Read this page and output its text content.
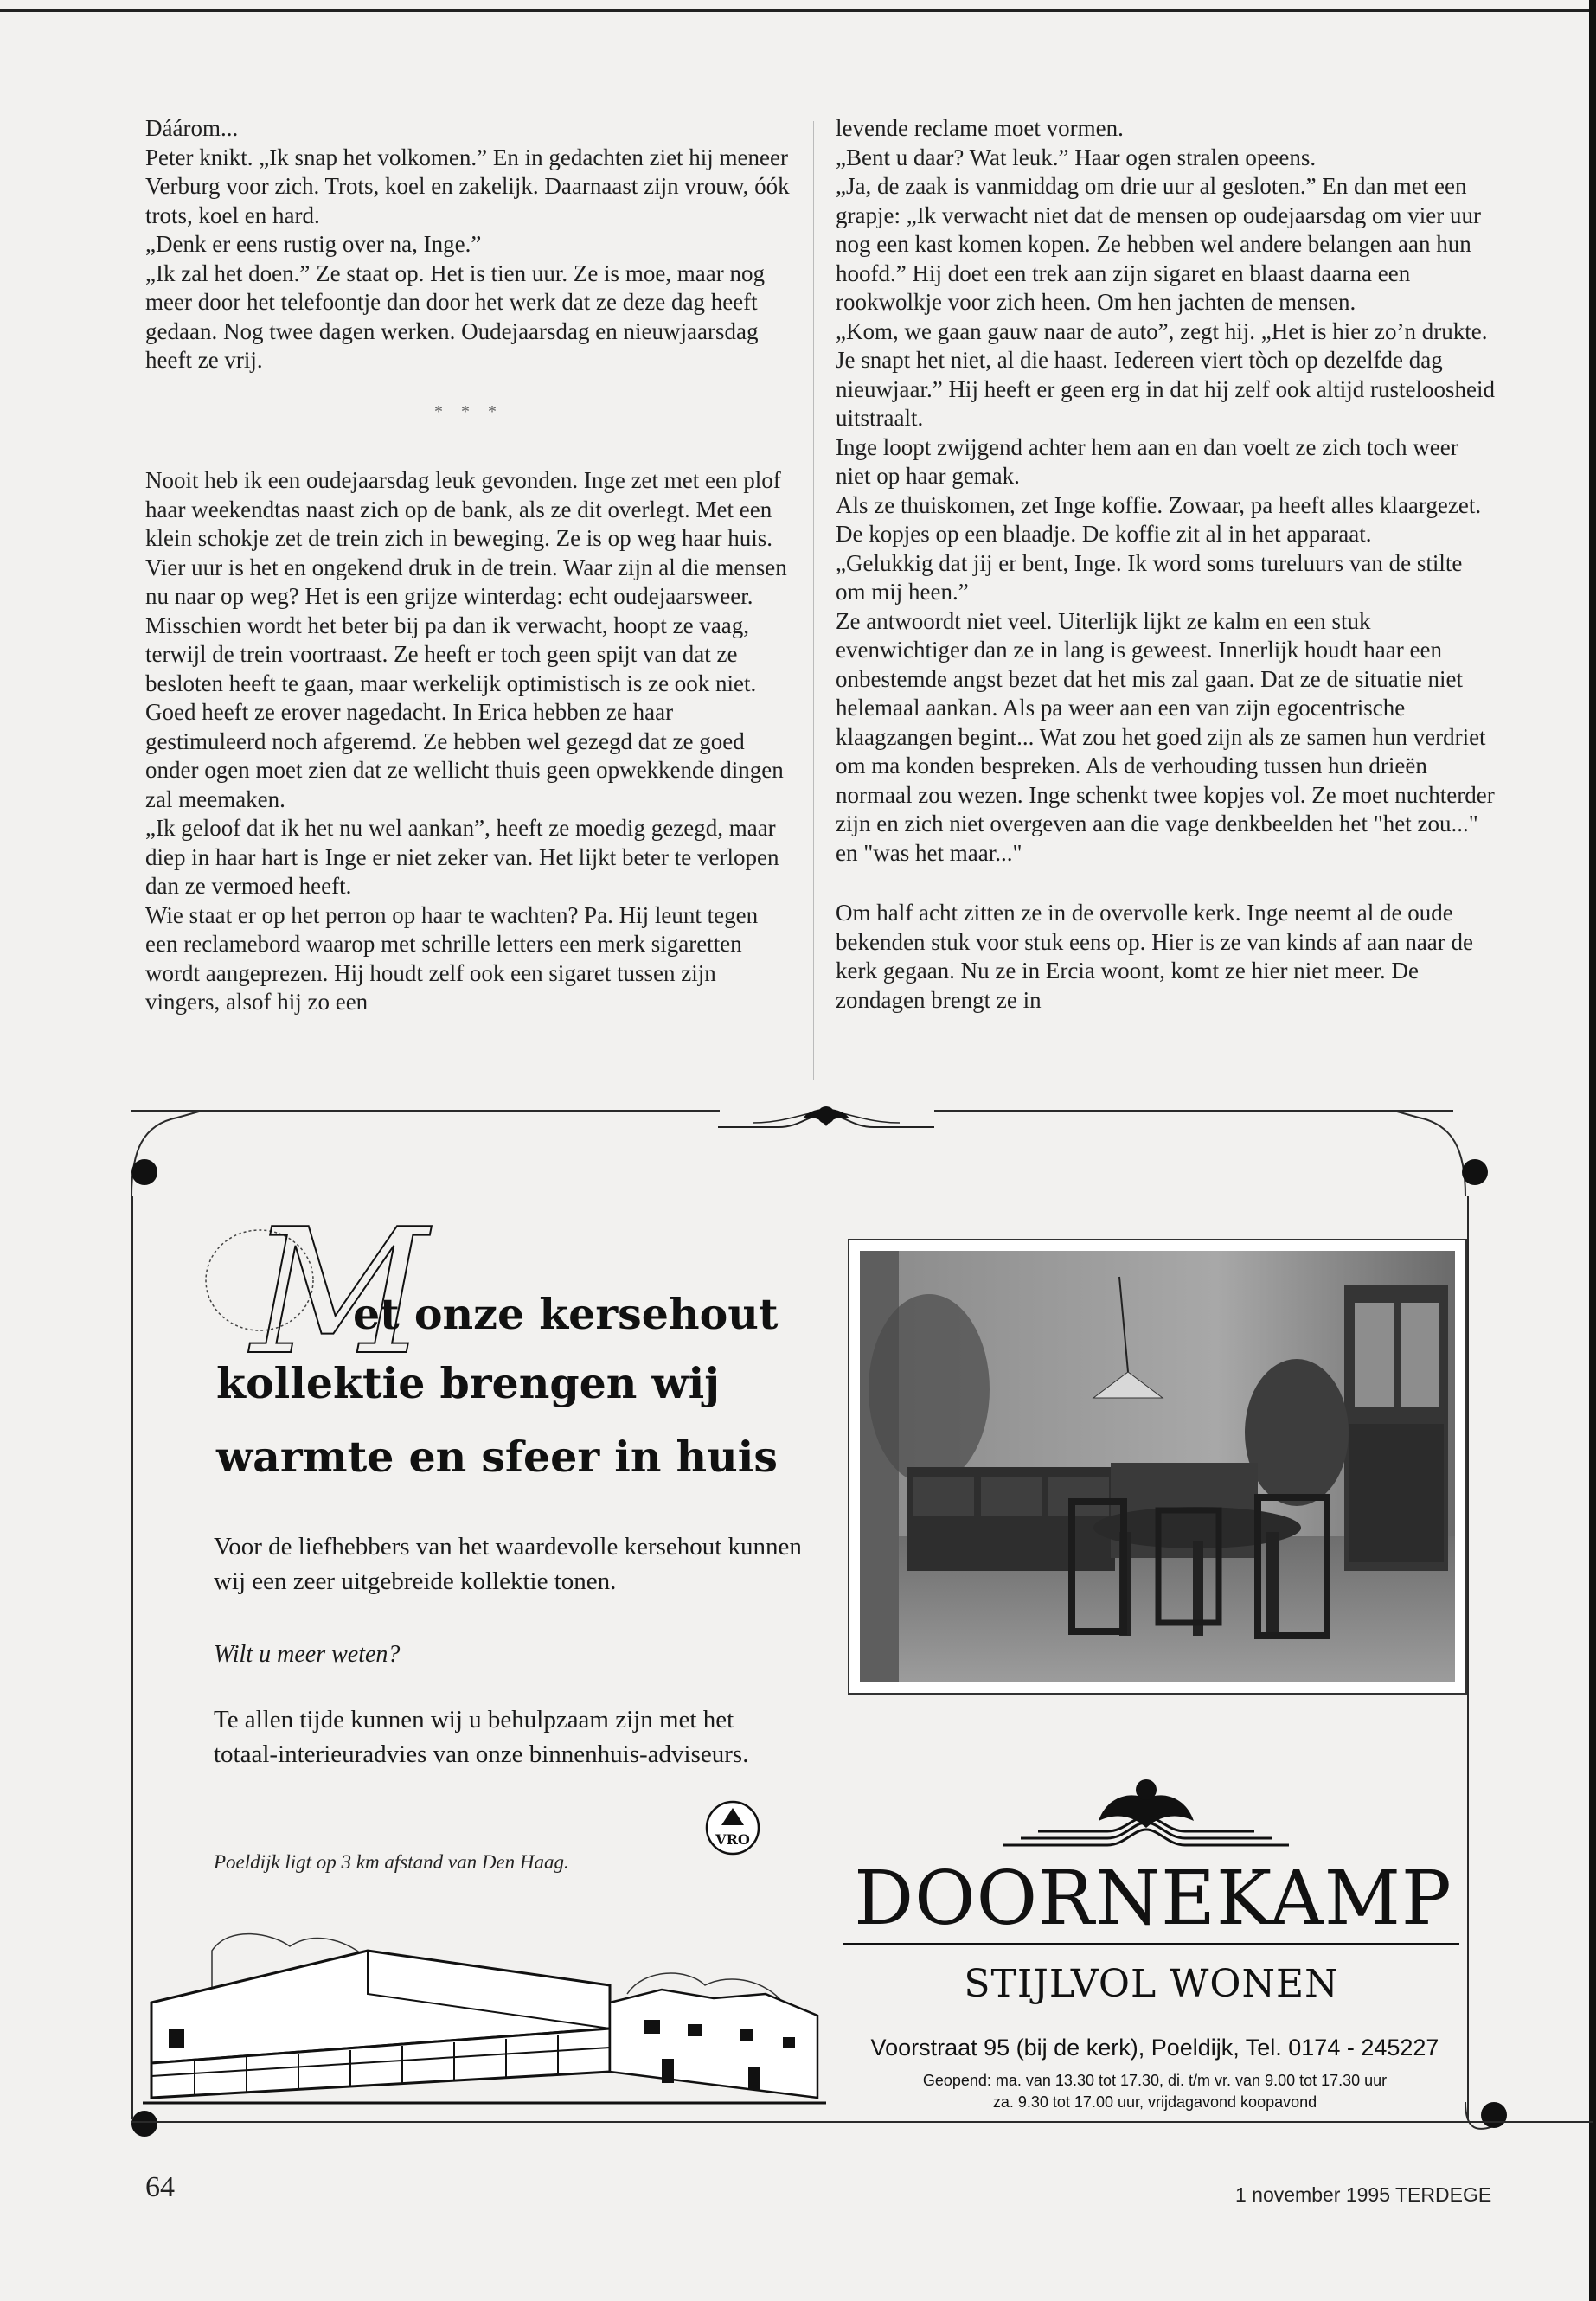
Dáárom...

Peter knikt. „Ik snap het volkomen.” En in gedachten ziet hij meneer Verburg voor zich. Trots, koel en zakelijk. Daarnaast zijn vrouw, óók trots, koel en hard.

„Denk er eens rustig over na, Inge.”

„Ik zal het doen.” Ze staat op. Het is tien uur. Ze is moe, maar nog meer door het telefoontje dan door het werk dat ze deze dag heeft gedaan. Nog twee dagen werken. Oudejaarsdag en nieuwjaarsdag heeft ze vrij.

* * *

Nooit heb ik een oudejaarsdag leuk gevonden. Inge zet met een plof haar weekendtas naast zich op de bank, als ze dit overlegt. Met een klein schokje zet de trein zich in beweging. Ze is op weg haar huis. Vier uur is het en ongekend druk in de trein. Waar zijn al die mensen nu naar op weg? Het is een grijze winterdag: echt oudejaarsweer.

Misschien wordt het beter bij pa dan ik verwacht, hoopt ze vaag, terwijl de trein voortraast. Ze heeft er toch geen spijt van dat ze besloten heeft te gaan, maar werkelijk optimistisch is ze ook niet.

Goed heeft ze erover nagedacht. In Erica hebben ze haar gestimuleerd noch afgeremd. Ze hebben wel gezegd dat ze goed onder ogen moet zien dat ze wellicht thuis geen opwekkende dingen zal meemaken.

„Ik geloof dat ik het nu wel aankan”, heeft ze moedig gezegd, maar diep in haar hart is Inge er niet zeker van. Het lijkt beter te verlopen dan ze vermoed heeft.

Wie staat er op het perron op haar te wachten? Pa. Hij leunt tegen een reclamebord waarop met schrille letters een merk sigaretten wordt aangeprezen. Hij houdt zelf ook een sigaret tussen zijn vingers, alsof hij zo een

levende reclame moet vormen.

„Bent u daar? Wat leuk.” Haar ogen stralen opeens.

„Ja, de zaak is vanmiddag om drie uur al gesloten.” En dan met een grapje: „Ik verwacht niet dat de mensen op oudejaarsdag om vier uur nog een kast komen kopen. Ze hebben wel andere belangen aan hun hoofd.” Hij doet een trek aan zijn sigaret en blaast daarna een rookwolkje voor zich heen. Om hen jachten de mensen.

„Kom, we gaan gauw naar de auto”, zegt hij. „Het is hier zo’n drukte. Je snapt het niet, al die haast. Iedereen viert tòch op dezelfde dag nieuwjaar.” Hij heeft er geen erg in dat hij zelf ook altijd rusteloosheid uitstraalt.

Inge loopt zwijgend achter hem aan en dan voelt ze zich toch weer niet op haar gemak.

Als ze thuiskomen, zet Inge koffie. Zowaar, pa heeft alles klaargezet. De kopjes op een blaadje. De koffie zit al in het apparaat.

„Gelukkig dat jij er bent, Inge. Ik word soms tureluurs van de stilte om mij heen.”

Ze antwoordt niet veel. Uiterlijk lijkt ze kalm en een stuk evenwichtiger dan ze in lang is geweest. Innerlijk houdt haar een onbestemde angst bezet dat het mis zal gaan. Dat ze de situatie niet helemaal aankan. Als pa weer aan een van zijn egocentrische klaagzangen begint... Wat zou het goed zijn als ze samen hun verdriet om ma konden bespreken. Als de verhouding tussen hun drieën normaal zou wezen. Inge schenkt twee kopjes vol. Ze moet nuchterder zijn en zich niet overgeven aan die vage denkbeelden het "het zou..." en "was het maar..."

Om half acht zitten ze in de overvolle kerk. Inge neemt al de oude bekenden stuk voor stuk eens op. Hier is ze van kinds af aan naar de kerk gegaan. Nu ze in Ercia woont, komt ze hier niet meer. De zondagen brengt ze in

M
et onze kersehout
kollektie brengen wij
warmte en sfeer in huis
Voor de liefhebbers van het waardevolle kersehout kunnen wij een zeer uitgebreide kollektie tonen.
Wilt u meer weten?
Te allen tijde kunnen wij u behulpzaam zijn met het totaal-interieuradvies van onze binnenhuis-adviseurs.
Poeldijk ligt op 3 km afstand van Den Haag.
VRO
DOORNEKAMP
STIJLVOL WONEN
Voorstraat 95 (bij de kerk), Poeldijk, Tel. 0174 - 245227
Geopend: ma. van 13.30 tot 17.30, di. t/m vr. van 9.00 tot 17.30 uur
za. 9.30 tot 17.00 uur, vrijdagavond koopavond
64	1 november 1995 TERDEGE
